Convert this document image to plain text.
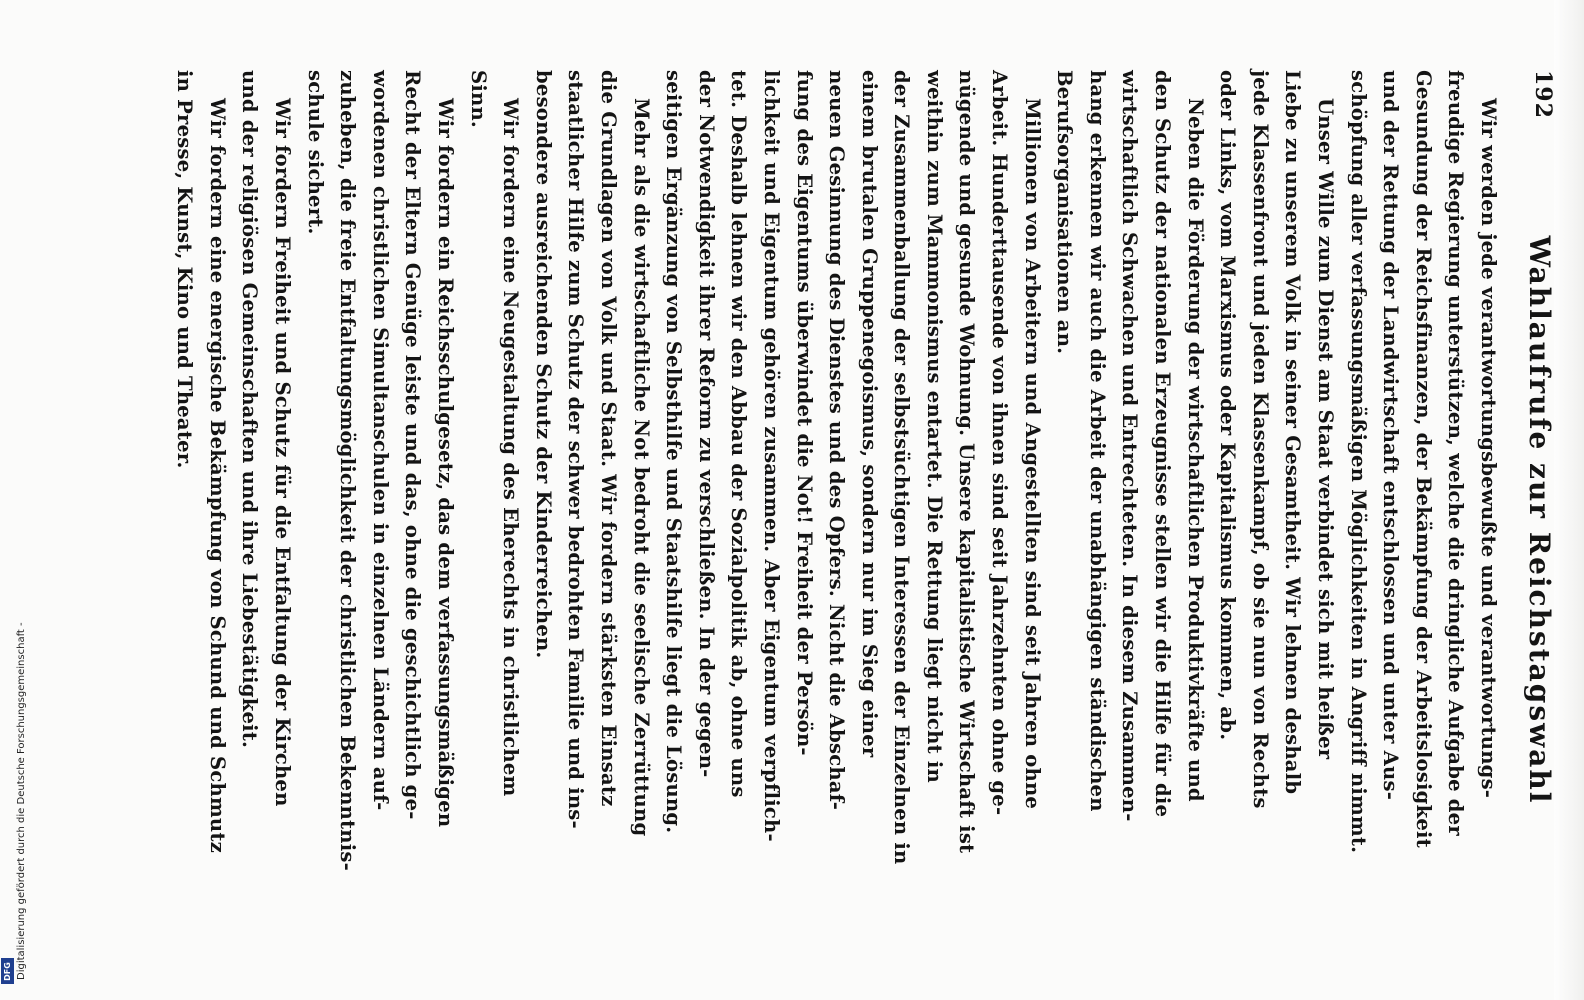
192
Wahlaufrufe zur Reichstagswahl
Wir werden jede verantwortungsbewußte und verantwortungs-
freudige Regierung unterstützen, welche die dringliche Aufgabe der
Gesundung der Reichsfinanzen, der Bekämpfung der Arbeitslosigkeit
und der Rettung der Landwirtschaft entschlossen und unter Aus-
schöpfung aller verfassungsmäßigen Möglichkeiten in Angriff nimmt.
Unser Wille zum Dienst am Staat verbindet sich mit heißer
Liebe zu unserem Volk in seiner Gesamtheit. Wir lehnen deshalb
jede Klassenfront und jeden Klassenkampf, ob sie nun von Rechts
oder Links, vom Marxismus oder Kapitalismus kommen, ab.
Neben die Förderung der wirtschaftlichen Produktivkräfte und
den Schutz der nationalen Erzeugnisse stellen wir die Hilfe für die
wirtschaftlich Schwachen und Entrechteten. In diesem Zusammen-
hang erkennen wir auch die Arbeit der unabhängigen ständischen
Berufsorganisationen an.
Millionen von Arbeitern und Angestellten sind seit Jahren ohne
Arbeit. Hunderttausende von ihnen sind seit Jahrzehnten ohne ge-
nügende und gesunde Wohnung. Unsere kapitalistische Wirtschaft ist
weithin zum Mammonismus entartet. Die Rettung liegt nicht in
der Zusammenballung der selbstsüchtigen Interessen der Einzelnen in
einem brutalen Gruppenegoismus, sondern nur im Sieg einer
neuen Gesinnung des Dienstes und des Opfers. Nicht die Abschaf-
fung des Eigentums überwindet die Not! Freiheit der Persön-
lichkeit und Eigentum gehören zusammen. Aber Eigentum verpflich-
tet. Deshalb lehnen wir den Abbau der Sozialpolitik ab, ohne uns
der Notwendigkeit ihrer Reform zu verschließen. In der gegen-
seitigen Ergänzung von Selbsthilfe und Staatshilfe liegt die Lösung.
Mehr als die wirtschaftliche Not bedroht die seelische Zerrüttung
die Grundlagen von Volk und Staat. Wir fordern stärksten Einsatz
staatlicher Hilfe zum Schutz der schwer bedrohten Familie und ins-
besondere ausreichenden Schutz der Kinderreichen.
Wir fordern eine Neugestaltung des Eherechts in christlichem
Sinn.
Wir fordern ein Reichsschulgesetz, das dem verfassungsmäßigen
Recht der Eltern Genüge leiste und das, ohne die geschichtlich ge-
wordenen christlichen Simultanschulen in einzelnen Ländern auf-
zuheben, die freie Entfaltungsmöglichkeit der christlichen Bekenntnis-
schule sichert.
Wir fordern Freiheit und Schutz für die Entfaltung der Kirchen
und der religiösen Gemeinschaften und ihre Liebestätigkeit.
Wir fordern eine energische Bekämpfung von Schund und Schmutz
in Presse, Kunst, Kino und Theater.
Digitalisierung gefördert durch die Deutsche Forschungsgemeinschaft -
DFG
